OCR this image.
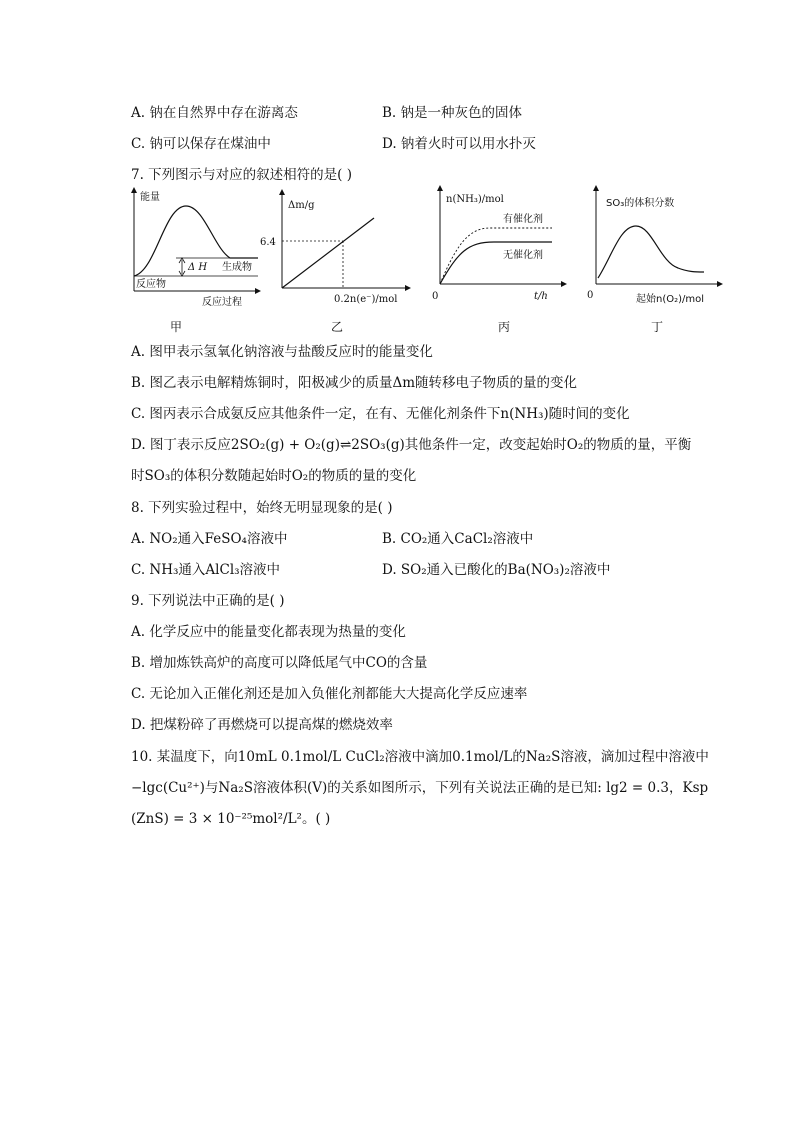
A. 钠在自然界中存在游离态	B. 钠是一种灰色的固体
C. 钠可以保存在煤油中	D. 钠着火时可以用水扑灭
7. 下列图示与对应的叙述相符的是( )
能量
Δ H 生成物
反应物
反应过程
甲
Δm/g
6.4
0.2n(e⁻)/mol
乙
n(NH₃)/mol
有催化剂
无催化剂
0	t/h
丙
SO₃的体积分数
0	起始n(O₂)/mol
丁
A. 图甲表示氢氧化钠溶液与盐酸反应时的能量变化
B. 图乙表示电解精炼铜时，阳极减少的质量Δm随转移电子物质的量的变化
C. 图丙表示合成氨反应其他条件一定，在有、无催化剂条件下n(NH₃)随时间的变化
D. 图丁表示反应2SO₂(g) + O₂(g)⇌2SO₃(g)其他条件一定，改变起始时O₂的物质的量，平衡
时SO₃的体积分数随起始时O₂的物质的量的变化
8. 下列实验过程中，始终无明显现象的是( )
A. NO₂通入FeSO₄溶液中	B. CO₂通入CaCl₂溶液中
C. NH₃通入AlCl₃溶液中	D. SO₂通入已酸化的Ba(NO₃)₂溶液中
9. 下列说法中正确的是( )
A. 化学反应中的能量变化都表现为热量的变化
B. 增加炼铁高炉的高度可以降低尾气中CO的含量
C. 无论加入正催化剂还是加入负催化剂都能大大提高化学反应速率
D. 把煤粉碎了再燃烧可以提高煤的燃烧效率
10. 某温度下，向10mL 0.1mol/L CuCl₂溶液中滴加0.1mol/L的Na₂S溶液，滴加过程中溶液中
−lgc(Cu²⁺)与Na₂S溶液体积(V)的关系如图所示，下列有关说法正确的是已知: lg2 = 0.3，Ksp
(ZnS) = 3 × 10⁻²⁵mol²/L²。( )
